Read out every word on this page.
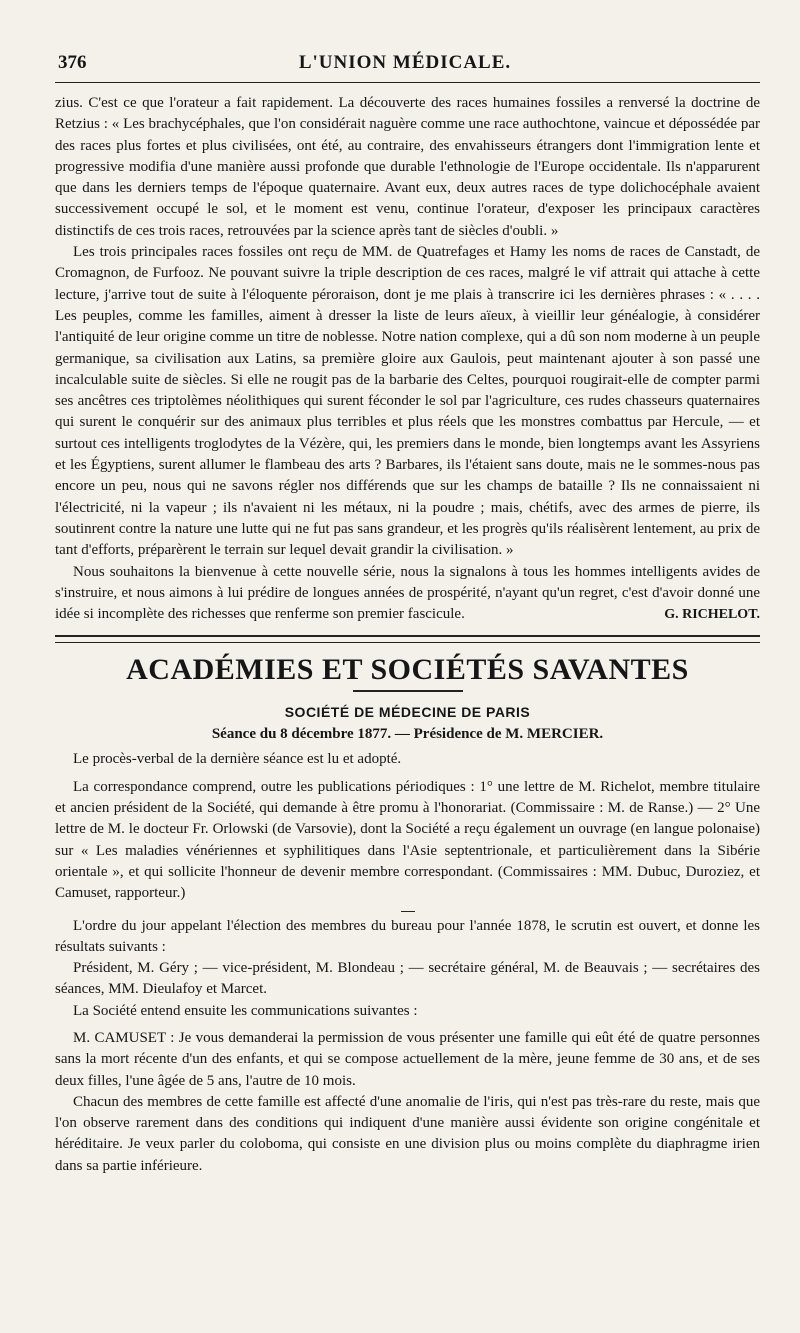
376	L'UNION MÉDICALE.

zius. C'est ce que l'orateur a fait rapidement. La découverte des races humaines fossiles a renversé la doctrine de Retzius : « Les brachycéphales, que l'on considérait naguère comme une race authochtone, vaincue et dépossédée par des races plus fortes et plus civilisées, ont été, au contraire, des envahisseurs étrangers dont l'immigration lente et progressive modifia d'une manière aussi profonde que durable l'ethnologie de l'Europe occidentale. Ils n'apparurent que dans les derniers temps de l'époque quaternaire. Avant eux, deux autres races de type dolichocéphale avaient successivement occupé le sol, et le moment est venu, continue l'orateur, d'exposer les principaux caractères distinctifs de ces trois races, retrouvées par la science après tant de siècles d'oubli. »

Les trois principales races fossiles ont reçu de MM. de Quatrefages et Hamy les noms de races de Canstadt, de Cromagnon, de Furfooz. Ne pouvant suivre la triple description de ces races, malgré le vif attrait qui attache à cette lecture, j'arrive tout de suite à l'éloquente péroraison, dont je me plais à transcrire ici les dernières phrases : « . . . . Les peuples, comme les familles, aiment à dresser la liste de leurs aïeux, à vieillir leur généalogie, à considérer l'antiquité de leur origine comme un titre de noblesse. Notre nation complexe, qui a dû son nom moderne à un peuple germanique, sa civilisation aux Latins, sa première gloire aux Gaulois, peut maintenant ajouter à son passé une incalculable suite de siècles. Si elle ne rougit pas de la barbarie des Celtes, pourquoi rougirait-elle de compter parmi ses ancêtres ces triptolèmes néolithiques qui surent féconder le sol par l'agriculture, ces rudes chasseurs quaternaires qui surent le conquérir sur des animaux plus terribles et plus réels que les monstres combattus par Hercule, — et surtout ces intelligents troglodytes de la Vézère, qui, les premiers dans le monde, bien longtemps avant les Assyriens et les Égyptiens, surent allumer le flambeau des arts ? Barbares, ils l'étaient sans doute, mais ne le sommes-nous pas encore un peu, nous qui ne savons régler nos différends que sur les champs de bataille ? Ils ne connaissaient ni l'électricité, ni la vapeur ; ils n'avaient ni les métaux, ni la poudre ; mais, chétifs, avec des armes de pierre, ils soutinrent contre la nature une lutte qui ne fut pas sans grandeur, et les progrès qu'ils réalisèrent lentement, au prix de tant d'efforts, préparèrent le terrain sur lequel devait grandir la civilisation. »

Nous souhaitons la bienvenue à cette nouvelle série, nous la signalons à tous les hommes intelligents avides de s'instruire, et nous aimons à lui prédire de longues années de prospérité, n'ayant qu'un regret, c'est d'avoir donné une idée si incomplète des richesses que renferme son premier fascicule.	G. RICHELOT.

ACADÉMIES ET SOCIÉTÉS SAVANTES
SOCIÉTÉ DE MÉDECINE DE PARIS
Séance du 8 décembre 1877. — Présidence de M. MERCIER.

Le procès-verbal de la dernière séance est lu et adopté.

La correspondance comprend, outre les publications périodiques : 1° une lettre de M. Richelot, membre titulaire et ancien président de la Société, qui demande à être promu à l'honorariat. (Commissaire : M. de Ranse.) — 2° Une lettre de M. le docteur Fr. Orlowski (de Varsovie), dont la Société a reçu également un ouvrage (en langue polonaise) sur « Les maladies vénériennes et syphilitiques dans l'Asie septentrionale, et particulièrement dans la Sibérie orientale », et qui sollicite l'honneur de devenir membre correspondant. (Commissaires : MM. Dubuc, Duroziez, et Camuset, rapporteur.)

L'ordre du jour appelant l'élection des membres du bureau pour l'année 1878, le scrutin est ouvert, et donne les résultats suivants :

Président, M. Géry ; — vice-président, M. Blondeau ; — secrétaire général, M. de Beauvais ; — secrétaires des séances, MM. Dieulafoy et Marcet.

La Société entend ensuite les communications suivantes :

M. CAMUSET : Je vous demanderai la permission de vous présenter une famille qui eût été de quatre personnes sans la mort récente d'un des enfants, et qui se compose actuellement de la mère, jeune femme de 30 ans, et de ses deux filles, l'une âgée de 5 ans, l'autre de 10 mois.

Chacun des membres de cette famille est affecté d'une anomalie de l'iris, qui n'est pas très-rare du reste, mais que l'on observe rarement dans des conditions qui indiquent d'une manière aussi évidente son origine congénitale et héréditaire. Je veux parler du coloboma, qui consiste en une division plus ou moins complète du diaphragme irien dans sa partie inférieure.
